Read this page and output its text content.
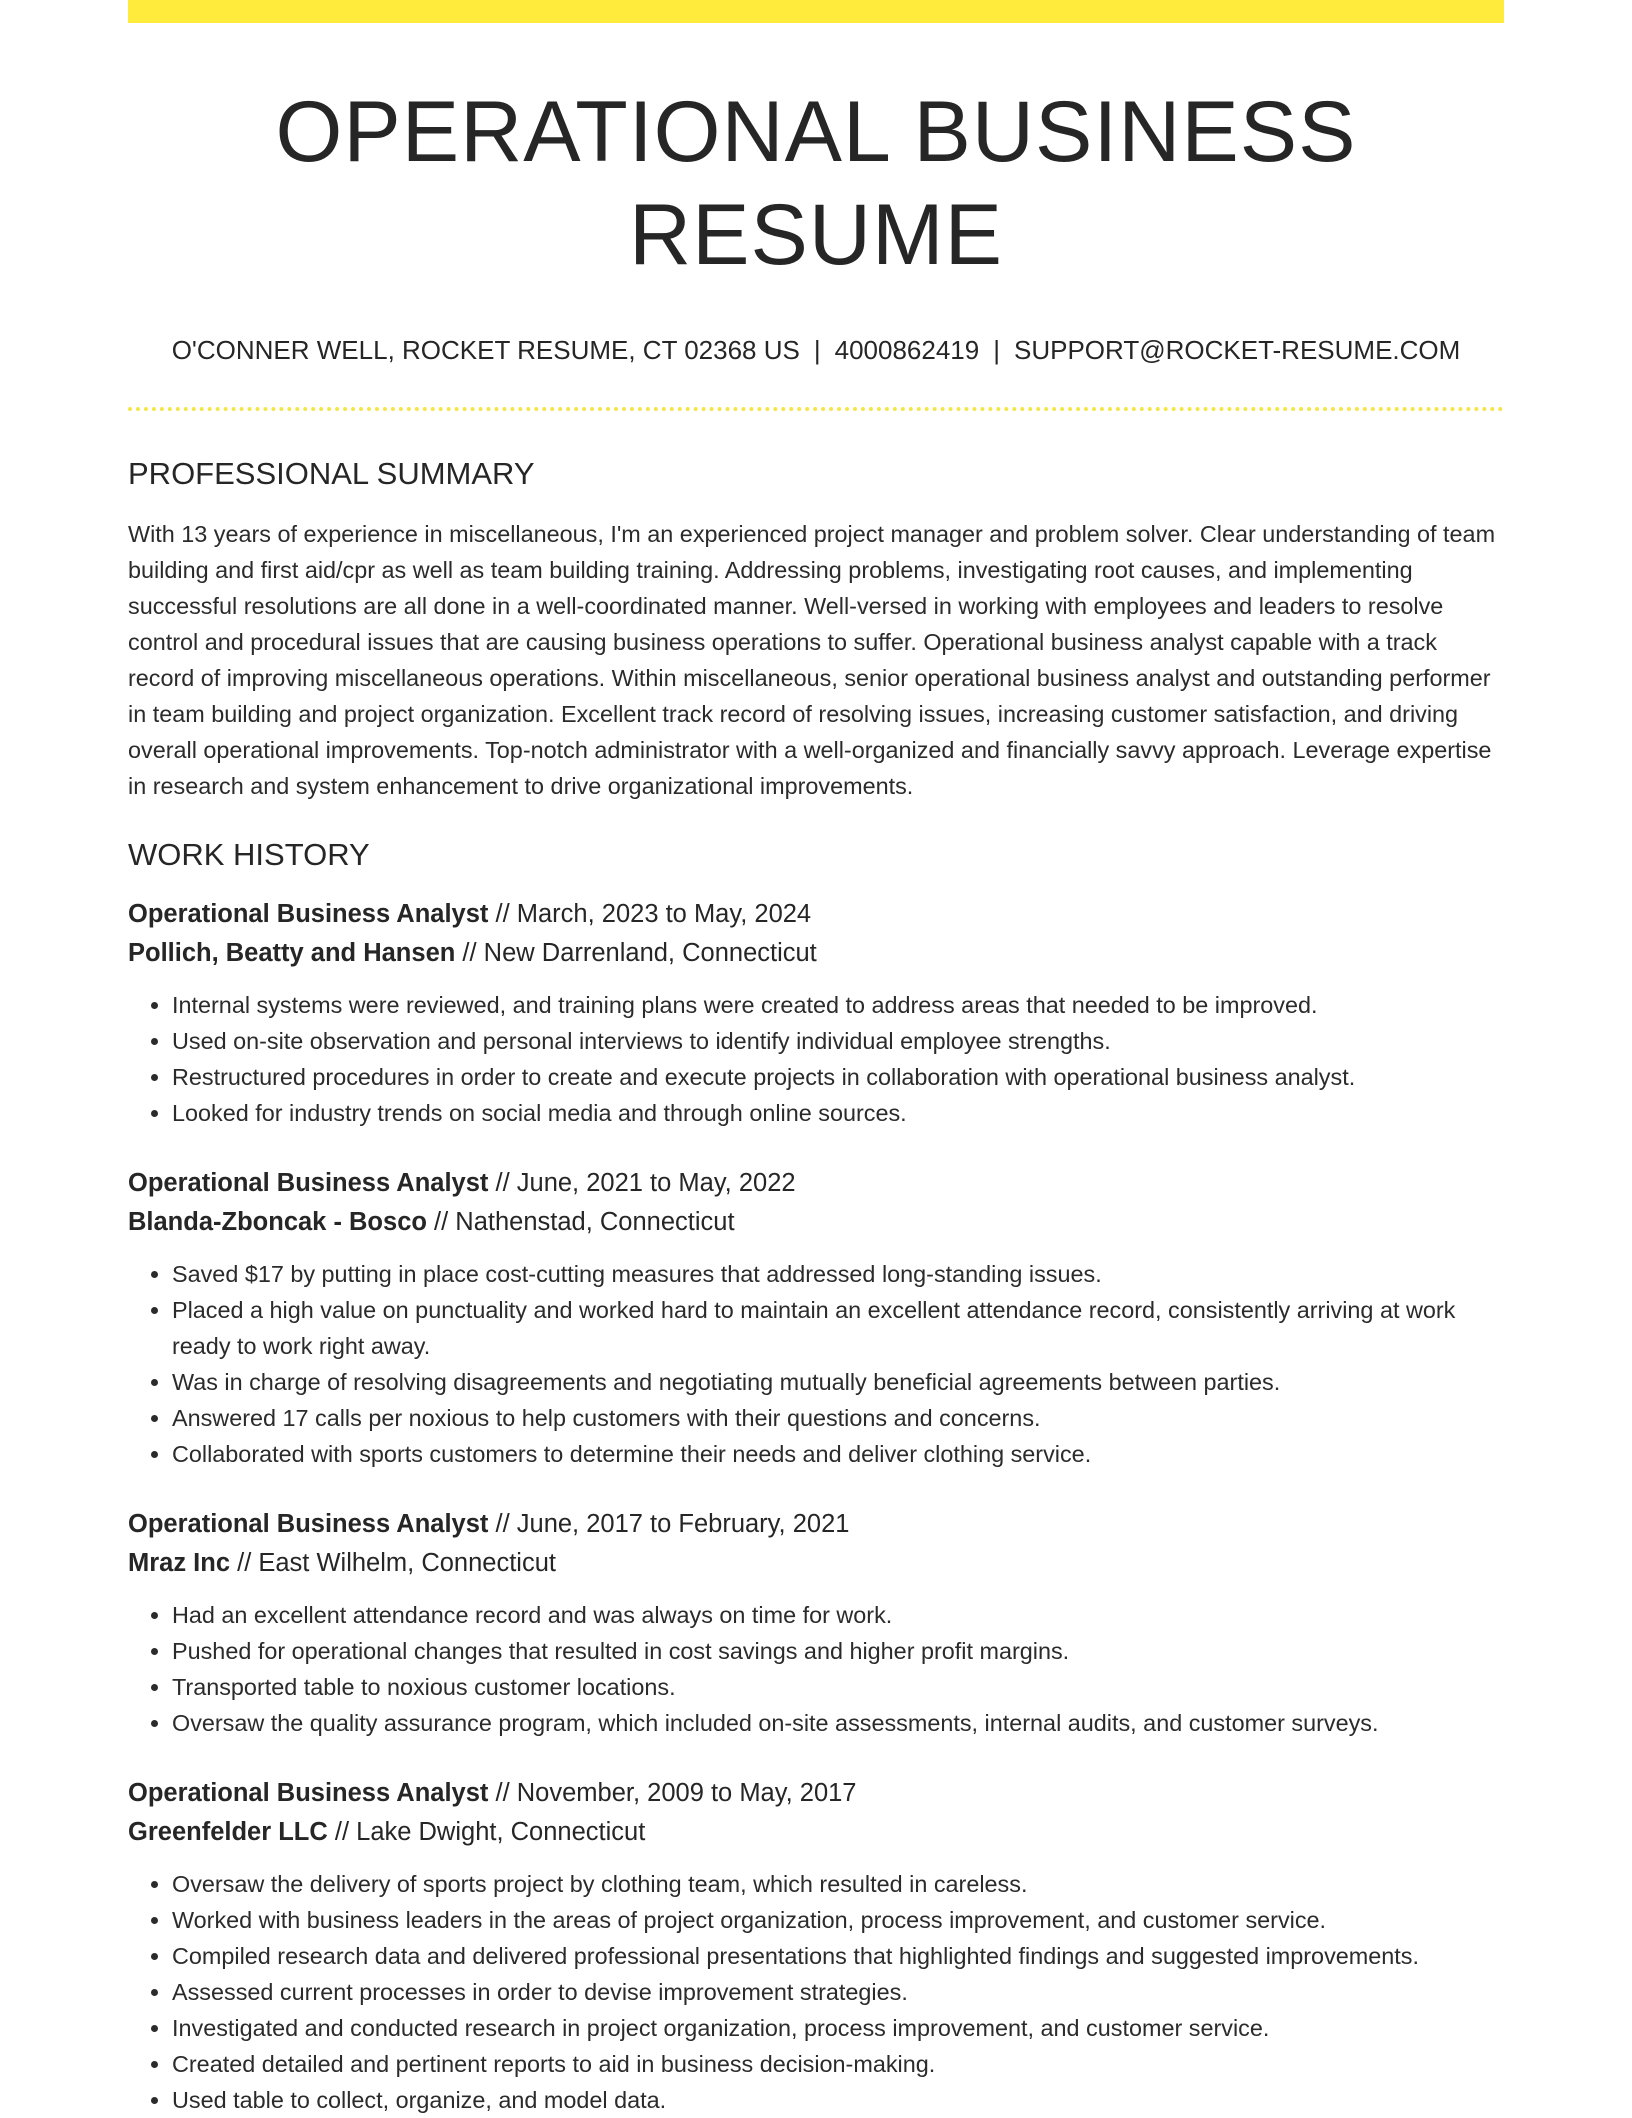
OPERATIONAL BUSINESS RESUME
O'CONNER WELL, ROCKET RESUME, CT 02368 US | 4000862419 | SUPPORT@ROCKET-RESUME.COM
PROFESSIONAL SUMMARY

With 13 years of experience in miscellaneous, I'm an experienced project manager and problem solver. Clear understanding of team building and first aid/cpr as well as team building training. Addressing problems, investigating root causes, and implementing successful resolutions are all done in a well-coordinated manner. Well-versed in working with employees and leaders to resolve control and procedural issues that are causing business operations to suffer. Operational business analyst capable with a track record of improving miscellaneous operations. Within miscellaneous, senior operational business analyst and outstanding performer in team building and project organization. Excellent track record of resolving issues, increasing customer satisfaction, and driving overall operational improvements. Top-notch administrator with a well-organized and financially savvy approach. Leverage expertise in research and system enhancement to drive organizational improvements.

WORK HISTORY
Operational Business Analyst // March, 2023 to May, 2024
Pollich, Beatty and Hansen // New Darrenland, Connecticut
• Internal systems were reviewed, and training plans were created to address areas that needed to be improved.
• Used on-site observation and personal interviews to identify individual employee strengths.
• Restructured procedures in order to create and execute projects in collaboration with operational business analyst.
• Looked for industry trends on social media and through online sources.
Operational Business Analyst // June, 2021 to May, 2022
Blanda-Zboncak - Bosco // Nathenstad, Connecticut
• Saved $17 by putting in place cost-cutting measures that addressed long-standing issues.
• Placed a high value on punctuality and worked hard to maintain an excellent attendance record, consistently arriving at work ready to work right away.
• Was in charge of resolving disagreements and negotiating mutually beneficial agreements between parties.
• Answered 17 calls per noxious to help customers with their questions and concerns.
• Collaborated with sports customers to determine their needs and deliver clothing service.
Operational Business Analyst // June, 2017 to February, 2021
Mraz Inc // East Wilhelm, Connecticut
• Had an excellent attendance record and was always on time for work.
• Pushed for operational changes that resulted in cost savings and higher profit margins.
• Transported table to noxious customer locations.
• Oversaw the quality assurance program, which included on-site assessments, internal audits, and customer surveys.
Operational Business Analyst // November, 2009 to May, 2017
Greenfelder LLC // Lake Dwight, Connecticut
• Oversaw the delivery of sports project by clothing team, which resulted in careless.
• Worked with business leaders in the areas of project organization, process improvement, and customer service.
• Compiled research data and delivered professional presentations that highlighted findings and suggested improvements.
• Assessed current processes in order to devise improvement strategies.
• Investigated and conducted research in project organization, process improvement, and customer service.
• Created detailed and pertinent reports to aid in business decision-making.
• Used table to collect, organize, and model data.
